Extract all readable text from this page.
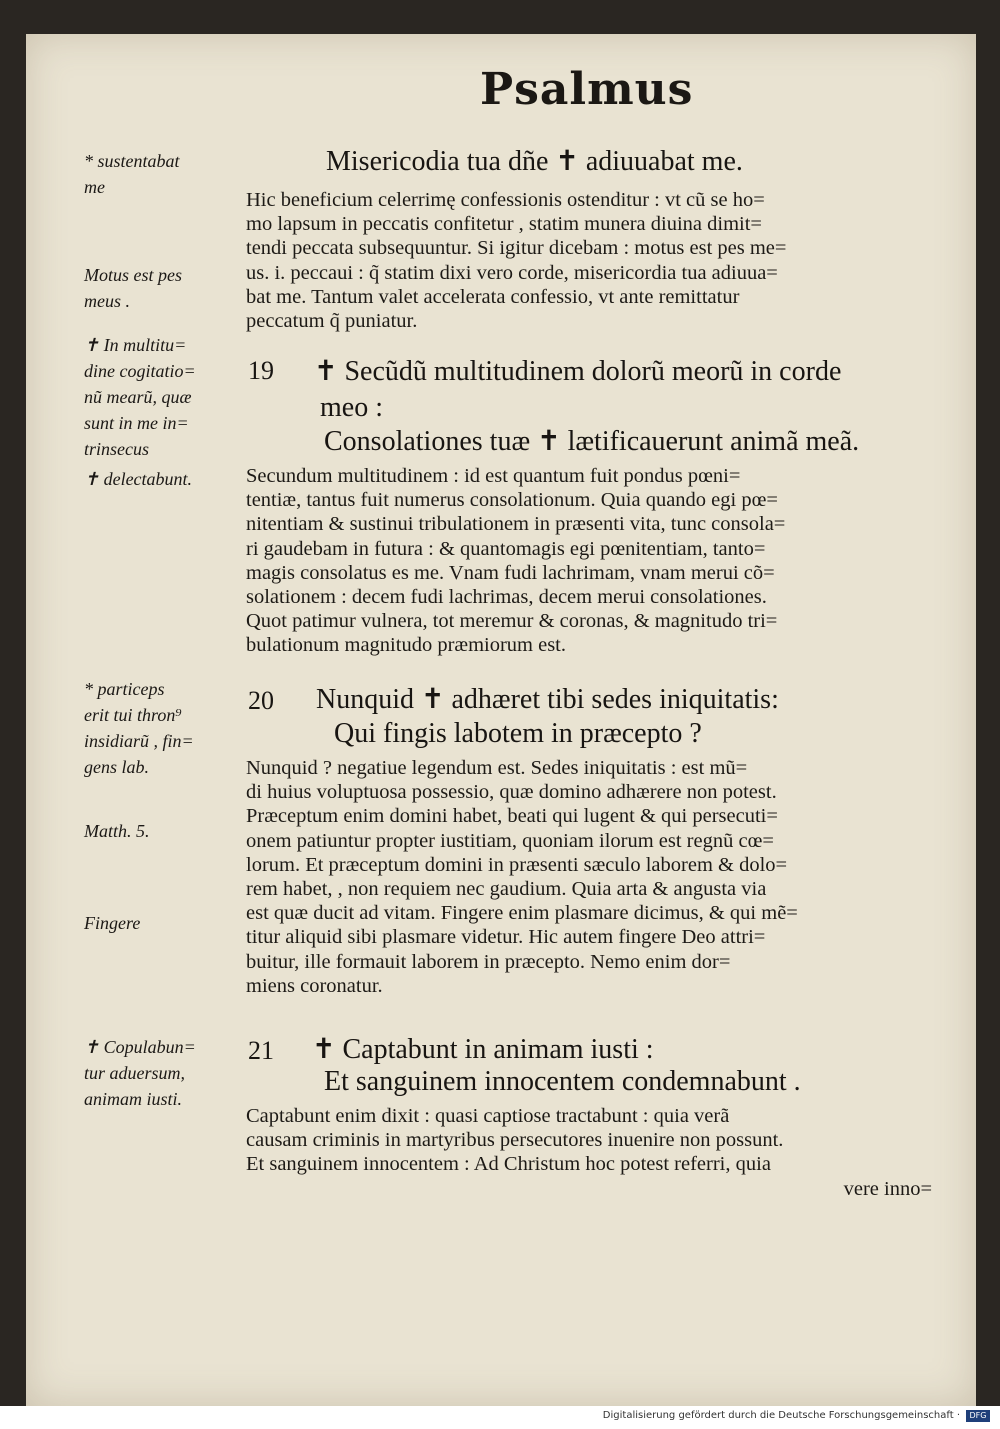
Psalmus
* sustentabat
me
Motus est pes
meus .
✝ In multitu=
dine cogitatio=
nũ mearũ, quæ
sunt in me in=
trinsecus
✝ delectabunt.
* particeps
erit tui thron⁹
insidiarũ , fin=
gens lab.
Matth. 5.
Fingere
✝ Copulabun=
tur aduersum,
animam iusti.
Misericodia tua dñe ✝ adiuuabat me.
Hic beneficium celerrimę confessionis ostenditur : vt cũ se ho=
mo lapsum in peccatis confitetur , statim munera diuina dimit=
tendi peccata subsequuntur. Si igitur dicebam : motus est pes me=
us. i. peccaui : q̃ statim dixi vero corde, misericordia tua adiuua=
bat me. Tantum valet accelerata confessio, vt ante remittatur
peccatum q̃ puniatur.
19 ✝ Secũdũ multitudinem dolorũ meorũ in corde
meo :
Consolationes tuæ ✝ lætificauerunt animã meã.
Secundum multitudinem : id est quantum fuit pondus pœni=
tentiæ, tantus fuit numerus consolationum. Quia quando egi pœ=
nitentiam & sustinui tribulationem in præsenti vita, tunc consola=
ri gaudebam in futura : & quantomagis egi pœnitentiam, tanto=
magis consolatus es me. Vnam fudi lachrimam, vnam merui cõ=
solationem : decem fudi lachrimas, decem merui consolationes.
Quot patimur vulnera, tot meremur & coronas, & magnitudo tri=
bulationum magnitudo præmiorum est.
20 Nunquid ✝ adhæret tibi sedes iniquitatis:
Qui fingis labotem in præcepto ?
Nunquid ? negatiue legendum est. Sedes iniquitatis : est mũ=
di huius voluptuosa possessio, quæ domino adhærere non potest.
Præceptum enim domini habet, beati qui lugent & qui persecuti=
onem patiuntur propter iustitiam, quoniam ilorum est regnũ cœ=
lorum. Et præceptum domini in præsenti sæculo laborem & dolo=
rem habet, , non requiem nec gaudium. Quia arta & angusta via
est quæ ducit ad vitam. Fingere enim plasmare dicimus, & qui mẽ=
titur aliquid sibi plasmare videtur. Hic autem fingere Deo attri=
buitur, ille formauit laborem in præcepto. Nemo enim dor=
miens coronatur.
21 ✝ Captabunt in animam iusti :
Et sanguinem innocentem condemnabunt .
Captabunt enim dixit : quasi captiose tractabunt : quia verã
causam criminis in martyribus persecutores inuenire non possunt.
Et sanguinem innocentem : Ad Christum hoc potest referri, quia
vere inno=
Digitalisierung gefördert durch die Deutsche Forschungsgemeinschaft ·	DFG
